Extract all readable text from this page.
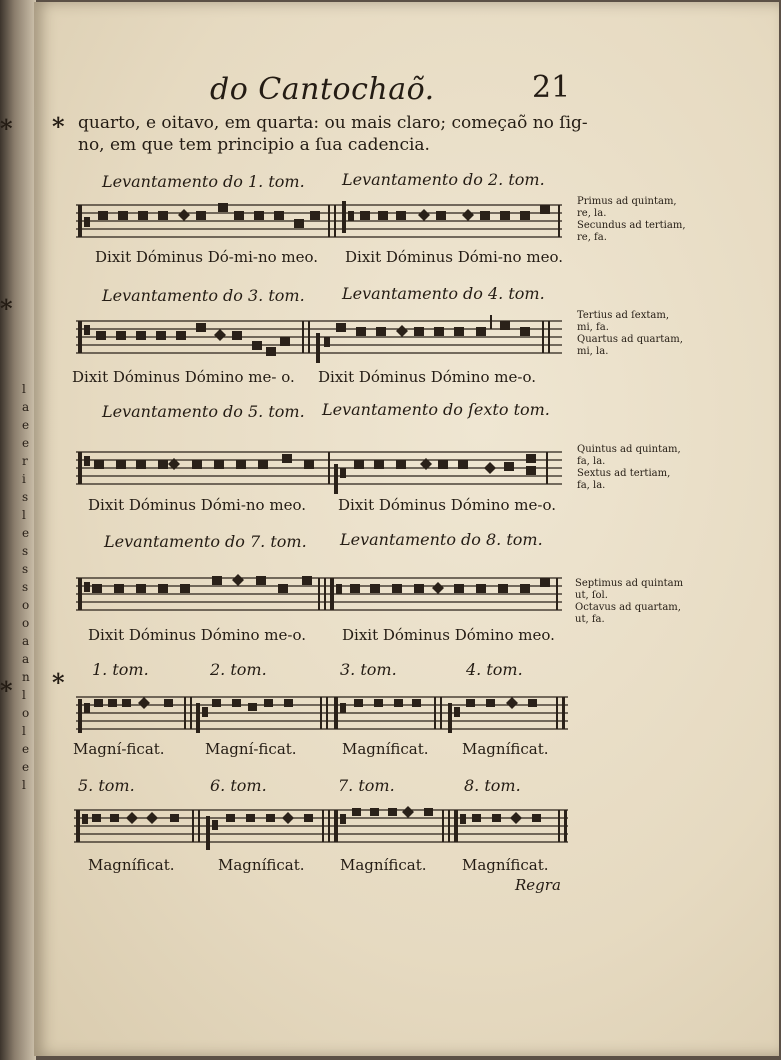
l a e e r i s l e s s s o o a a n l o l e e l
*
*
*
do Cantochaõ.	21
* quarto, e oitavo, em quarta: ou mais claro; começaõ no ſig-
no, em que tem principio a ſua cadencia.
Levantamento do 1. tom. Levantamento do 2. tom.
Dixit Dóminus Dó-mi-no meo. Dixit Dóminus Dómi-no meo.
Primus ad quintam,
re, la.
Secundus ad tertiam,
re, fa.
Levantamento do 3. tom. Levantamento do 4. tom.
Dixit Dóminus Dómino me- o. Dixit Dóminus Dómino me-o.
Tertius ad ſextam,
mi, fa.
Quartus ad quartam,
mi, la.
Levantamento do 5. tom. Levantamento do ſexto tom.
Dixit Dóminus Dómi-no meo. Dixit Dóminus Dómino me-o.
Quintus ad quintam,
fa, la.
Sextus ad tertiam,
fa, la.
Levantamento do 7. tom. Levantamento do 8. tom.
Dixit Dóminus Dómino me-o. Dixit Dóminus Dómino meo.
Septimus ad quintam
ut, ſol.
Octavus ad quartam,
ut, fa.
* 1. tom.	2. tom.	3. tom.	4. tom.
Magní-ficat.	Magní-ficat.	Magníficat. Magníficat.
5. tom.	6. tom.	7. tom.	8. tom.
Magníficat.	Magníficat. Magníficat. Magníficat.
Regra
